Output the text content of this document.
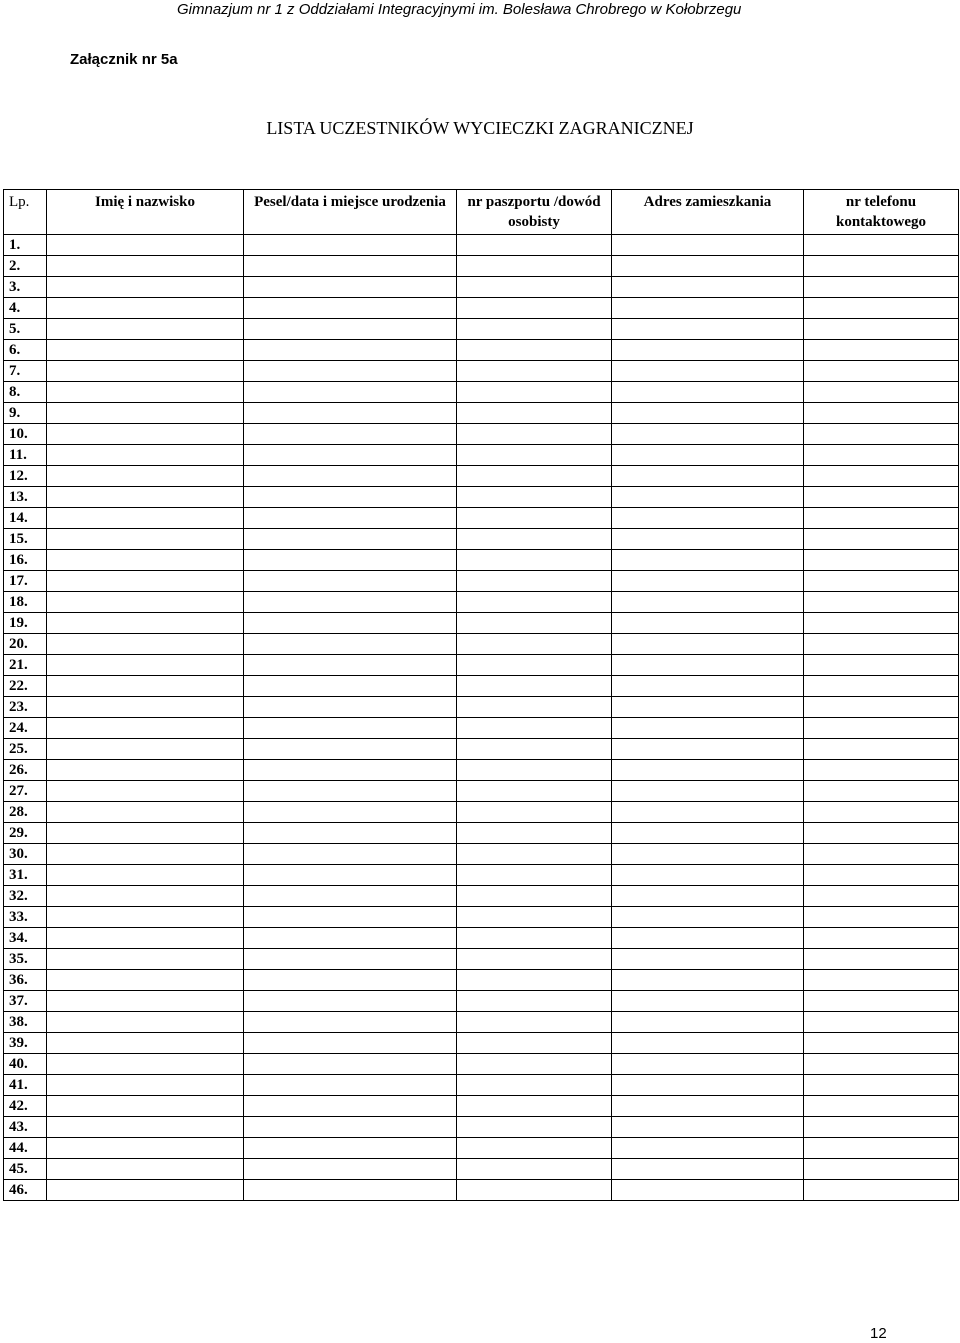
Gimnazjum nr 1 z Oddziałami Integracyjnymi im. Bolesława Chrobrego w Kołobrzegu
Załącznik nr 5a
LISTA UCZESTNIKÓW WYCIECZKI ZAGRANICZNEJ
Lp.	Imię i nazwisko	Pesel/data i miejsce urodzenia	nr paszportu /dowód osobisty	Adres zamieszkania	nr telefonu kontaktowego
1.					
2.					
3.					
4.					
5.					
6.					
7.					
8.					
9.					
10.					
11.					
12.					
13.					
14.					
15.					
16.					
17.					
18.					
19.					
20.					
21.					
22.					
23.					
24.					
25.					
26.					
27.					
28.					
29.					
30.					
31.					
32.					
33.					
34.					
35.					
36.					
37.					
38.					
39.					
40.					
41.					
42.					
43.					
44.					
45.					
46.					
12
